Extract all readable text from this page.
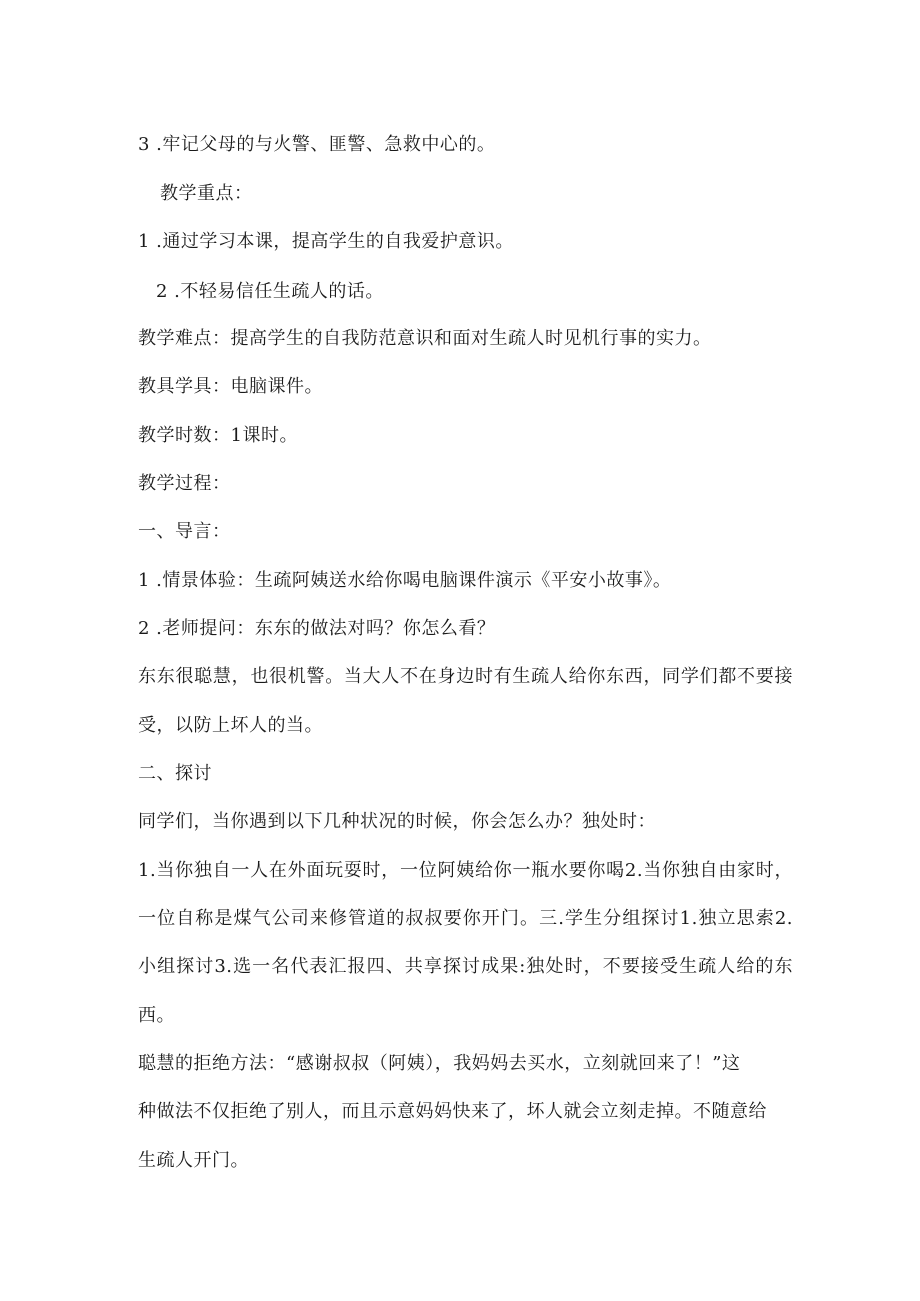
3 .牢记父母的与火警、匪警、急救中心的。
教学重点：
1 .通过学习本课，提高学生的自我爱护意识。
2 .不轻易信任生疏人的话。
教学难点：提高学生的自我防范意识和面对生疏人时见机行事的实力。
教具学具：电脑课件。
教学时数：1课时。
教学过程：
一、导言：
1 .情景体验：生疏阿姨送水给你喝电脑课件演示《平安小故事》。
2 .老师提问：东东的做法对吗？你怎么看？
东东很聪慧，也很机警。当大人不在身边时有生疏人给你东西，同学们都不要接
受，以防上坏人的当。
二、探讨
同学们，当你遇到以下几种状况的时候，你会怎么办？独处时：
1.当你独自一人在外面玩耍时，一位阿姨给你一瓶水要你喝2.当你独自由家时，
一位自称是煤气公司来修管道的叔叔要你开门。三.学生分组探讨1.独立思索2.
小组探讨3.选一名代表汇报四、共享探讨成果:独处时，不要接受生疏人给的东
西。
聪慧的拒绝方法：“感谢叔叔（阿姨），我妈妈去买水，立刻就回来了！”这
种做法不仅拒绝了别人，而且示意妈妈快来了，坏人就会立刻走掉。不随意给
生疏人开门。
